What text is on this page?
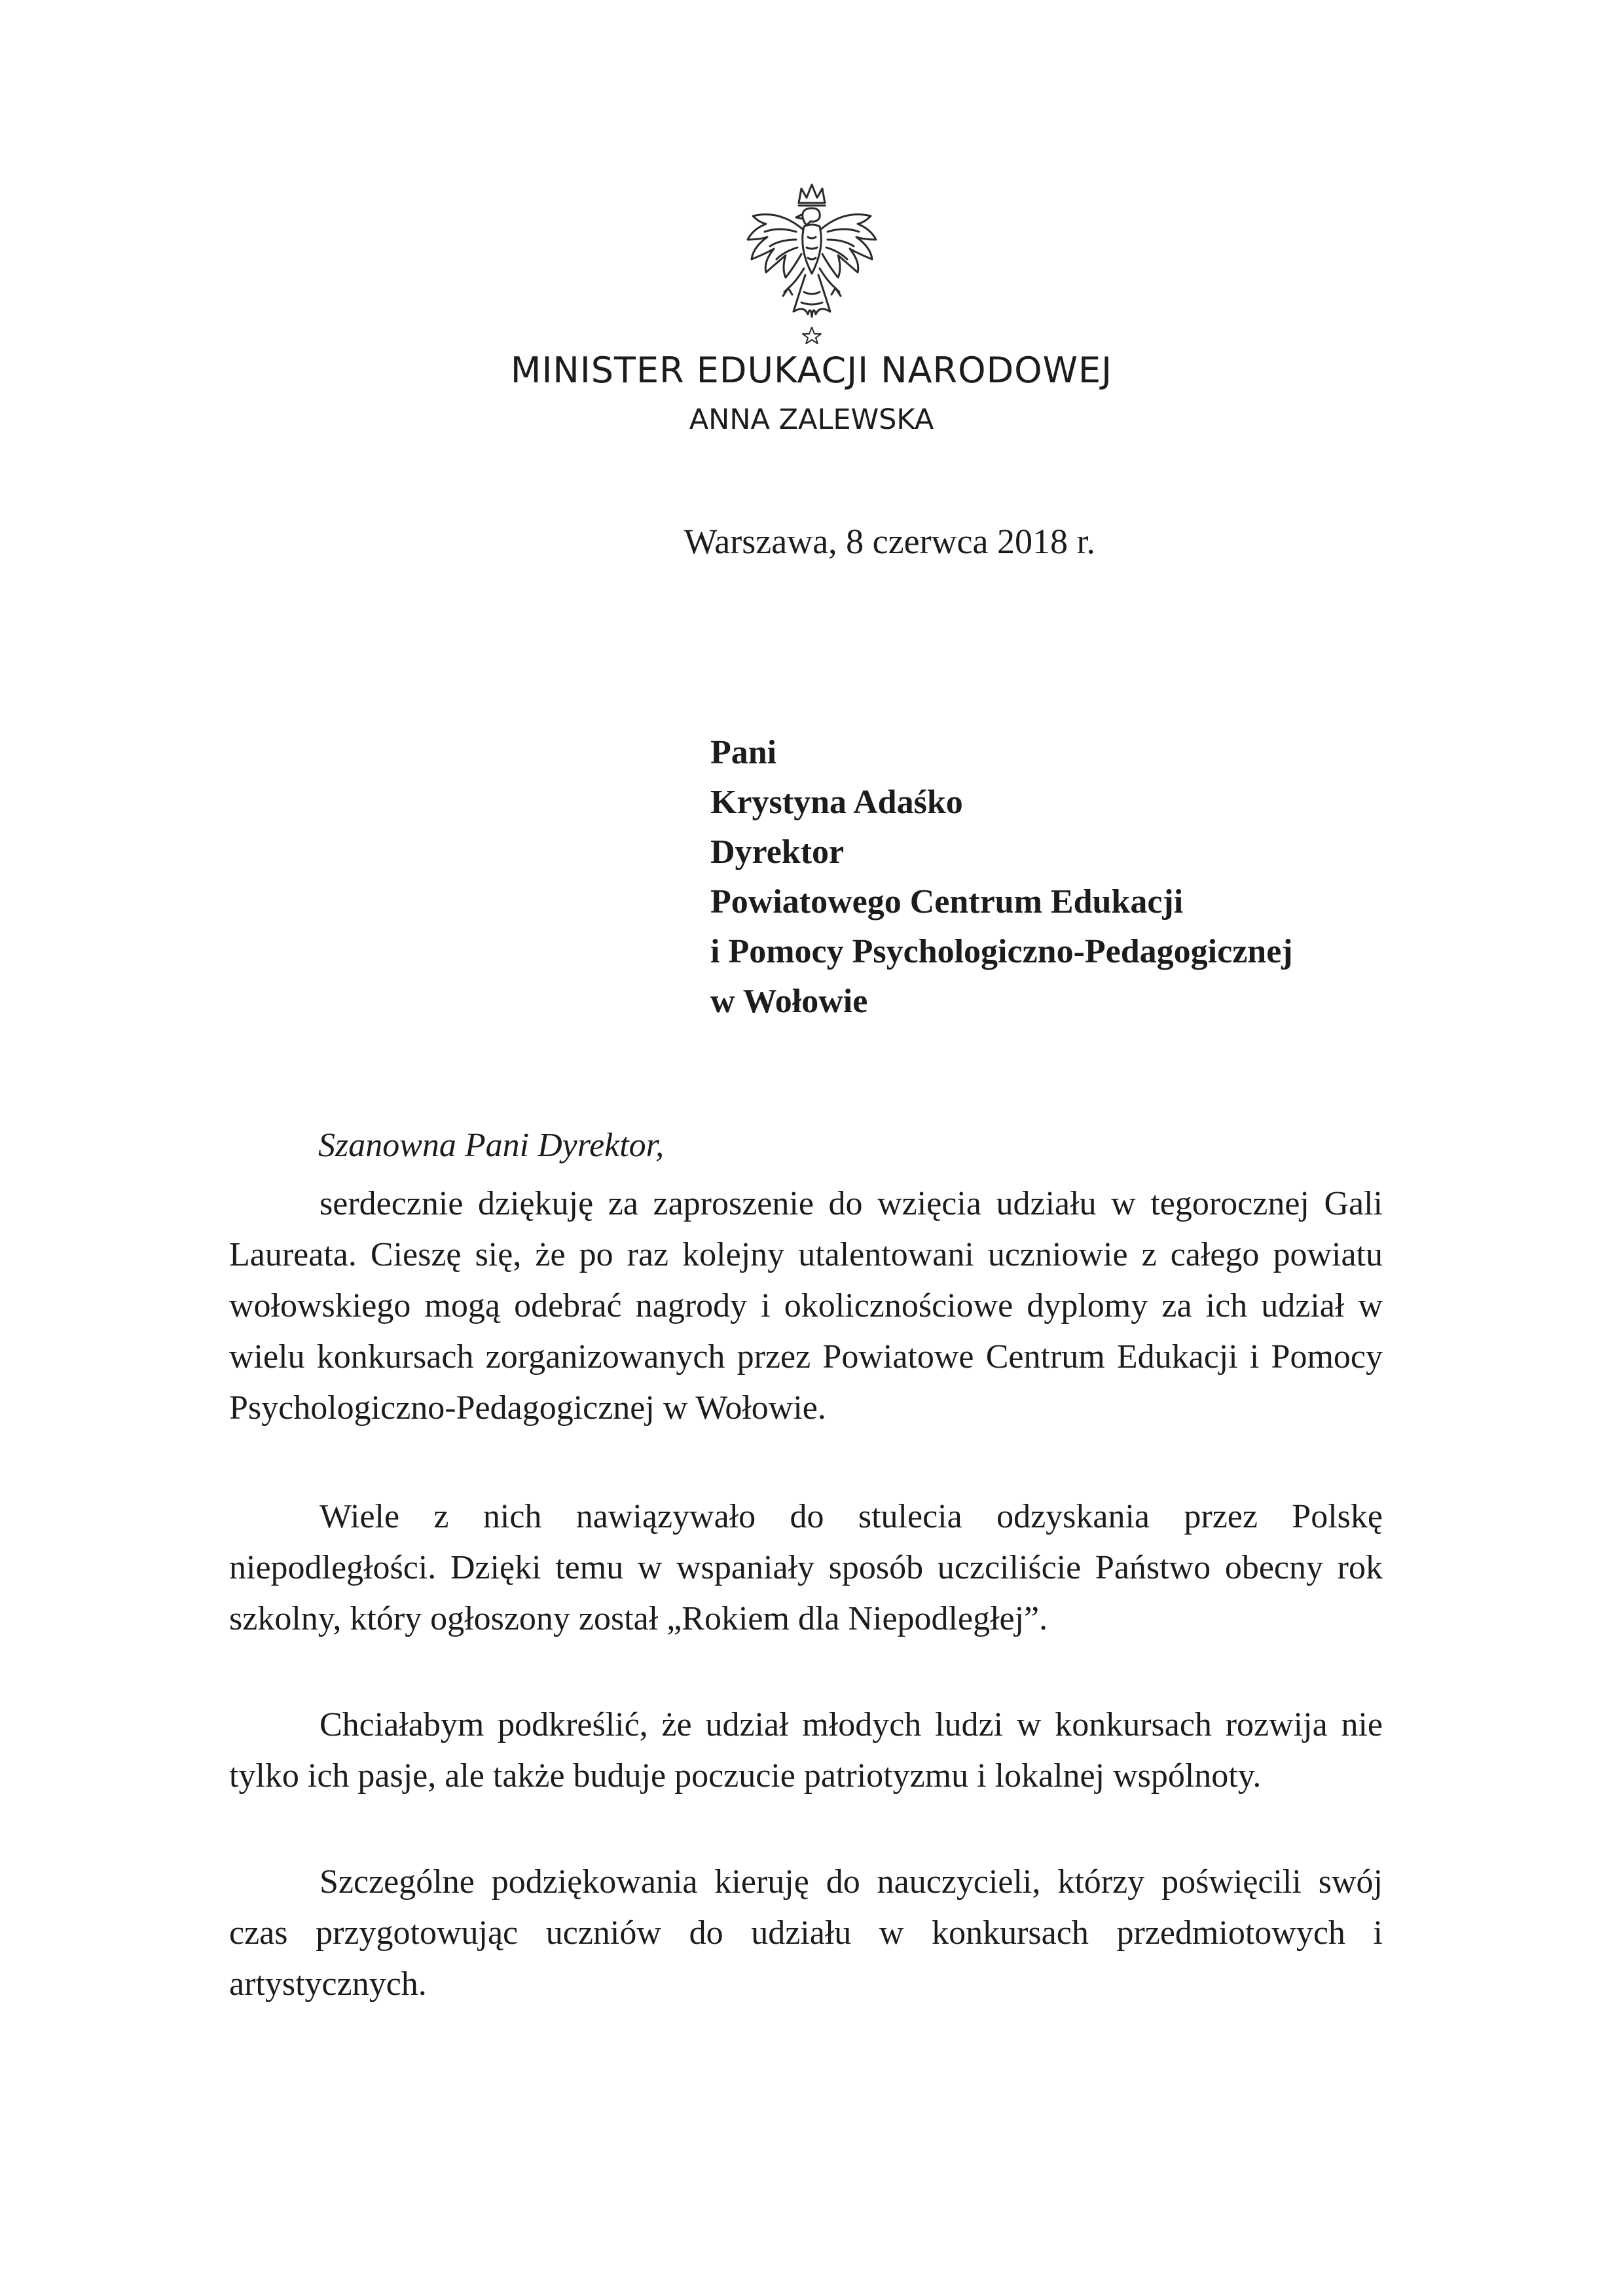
MINISTER EDUKACJI NARODOWEJ
ANNA ZALEWSKA
Warszawa, 8 czerwca 2018 r.
Pani
Krystyna Adaśko
Dyrektor
Powiatowego Centrum Edukacji
i Pomocy Psychologiczno-Pedagogicznej
w Wołowie
Szanowna Pani Dyrektor,

serdecznie dziękuję za zaproszenie do wzięcia udziału w tegorocznej Gali Laureata. Cieszę się, że po raz kolejny utalentowani uczniowie z całego powiatu wołowskiego mogą odebrać nagrody i okolicznościowe dyplomy za ich udział w wielu konkursach zorganizowanych przez Powiatowe Centrum Edukacji i Pomocy Psychologiczno-Pedagogicznej w Wołowie.

Wiele z nich nawiązywało do stulecia odzyskania przez Polskę niepodległości. Dzięki temu w wspaniały sposób uczciliście Państwo obecny rok szkolny, który ogłoszony został „Rokiem dla Niepodległej”.

Chciałabym podkreślić, że udział młodych ludzi w konkursach rozwija nie tylko ich pasje, ale także buduje poczucie patriotyzmu i lokalnej wspólnoty.

Szczególne podziękowania kieruję do nauczycieli, którzy poświęcili swój czas przygotowując uczniów do udziału w konkursach przedmiotowych i artystycznych.
